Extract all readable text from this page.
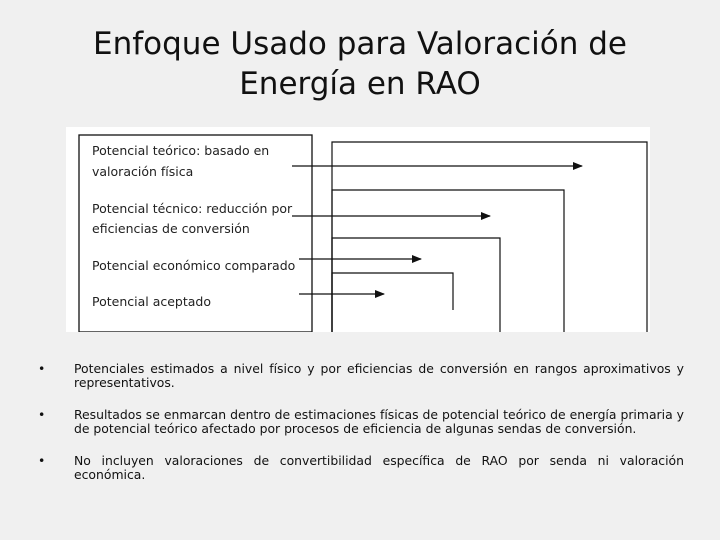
Enfoque Usado para Valoración de
Energía en RAO
Potencial teórico: basado en
valoración física
Potencial técnico: reducción por
eficiencias de conversión
Potencial económico comparado
Potencial aceptado
• Potenciales estimados a nivel físico y por eficiencias de conversión en rangos aproximativos y representativos.
• Resultados se enmarcan dentro de estimaciones físicas de potencial teórico de energía primaria y de potencial teórico afectado por procesos de eficiencia de algunas sendas de conversión.
• No incluyen valoraciones de convertibilidad específica de RAO por senda ni valoración económica.
